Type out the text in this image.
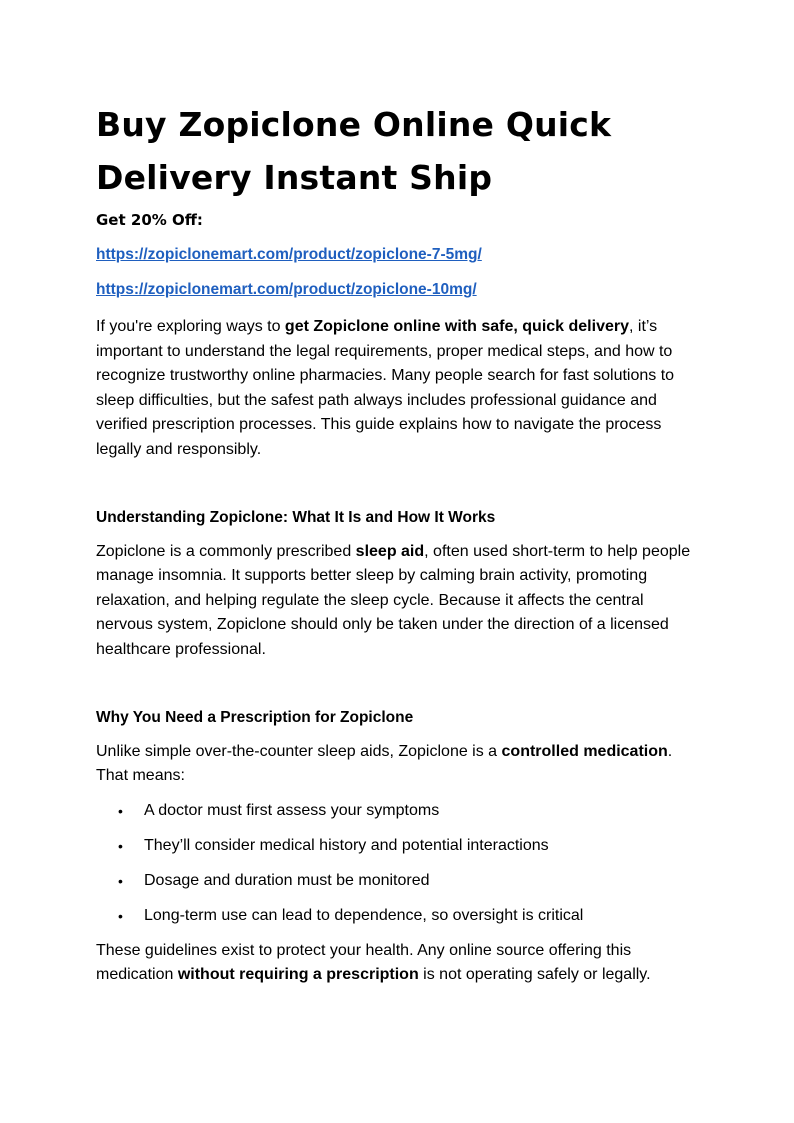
Buy Zopiclone Online Quick Delivery Instant Ship
Get 20% Off:
https://zopiclonemart.com/product/zopiclone-7-5mg/
https://zopiclonemart.com/product/zopiclone-10mg/

If you're exploring ways to get Zopiclone online with safe, quick delivery, it’s important to understand the legal requirements, proper medical steps, and how to recognize trustworthy online pharmacies. Many people search for fast solutions to sleep difficulties, but the safest path always includes professional guidance and verified prescription processes. This guide explains how to navigate the process legally and responsibly.

Understanding Zopiclone: What It Is and How It Works

Zopiclone is a commonly prescribed sleep aid, often used short-term to help people manage insomnia. It supports better sleep by calming brain activity, promoting relaxation, and helping regulate the sleep cycle. Because it affects the central nervous system, Zopiclone should only be taken under the direction of a licensed healthcare professional.

Why You Need a Prescription for Zopiclone

Unlike simple over-the-counter sleep aids, Zopiclone is a controlled medication. That means:

• A doctor must first assess your symptoms
• They’ll consider medical history and potential interactions
• Dosage and duration must be monitored
• Long-term use can lead to dependence, so oversight is critical

These guidelines exist to protect your health. Any online source offering this medication without requiring a prescription is not operating safely or legally.
